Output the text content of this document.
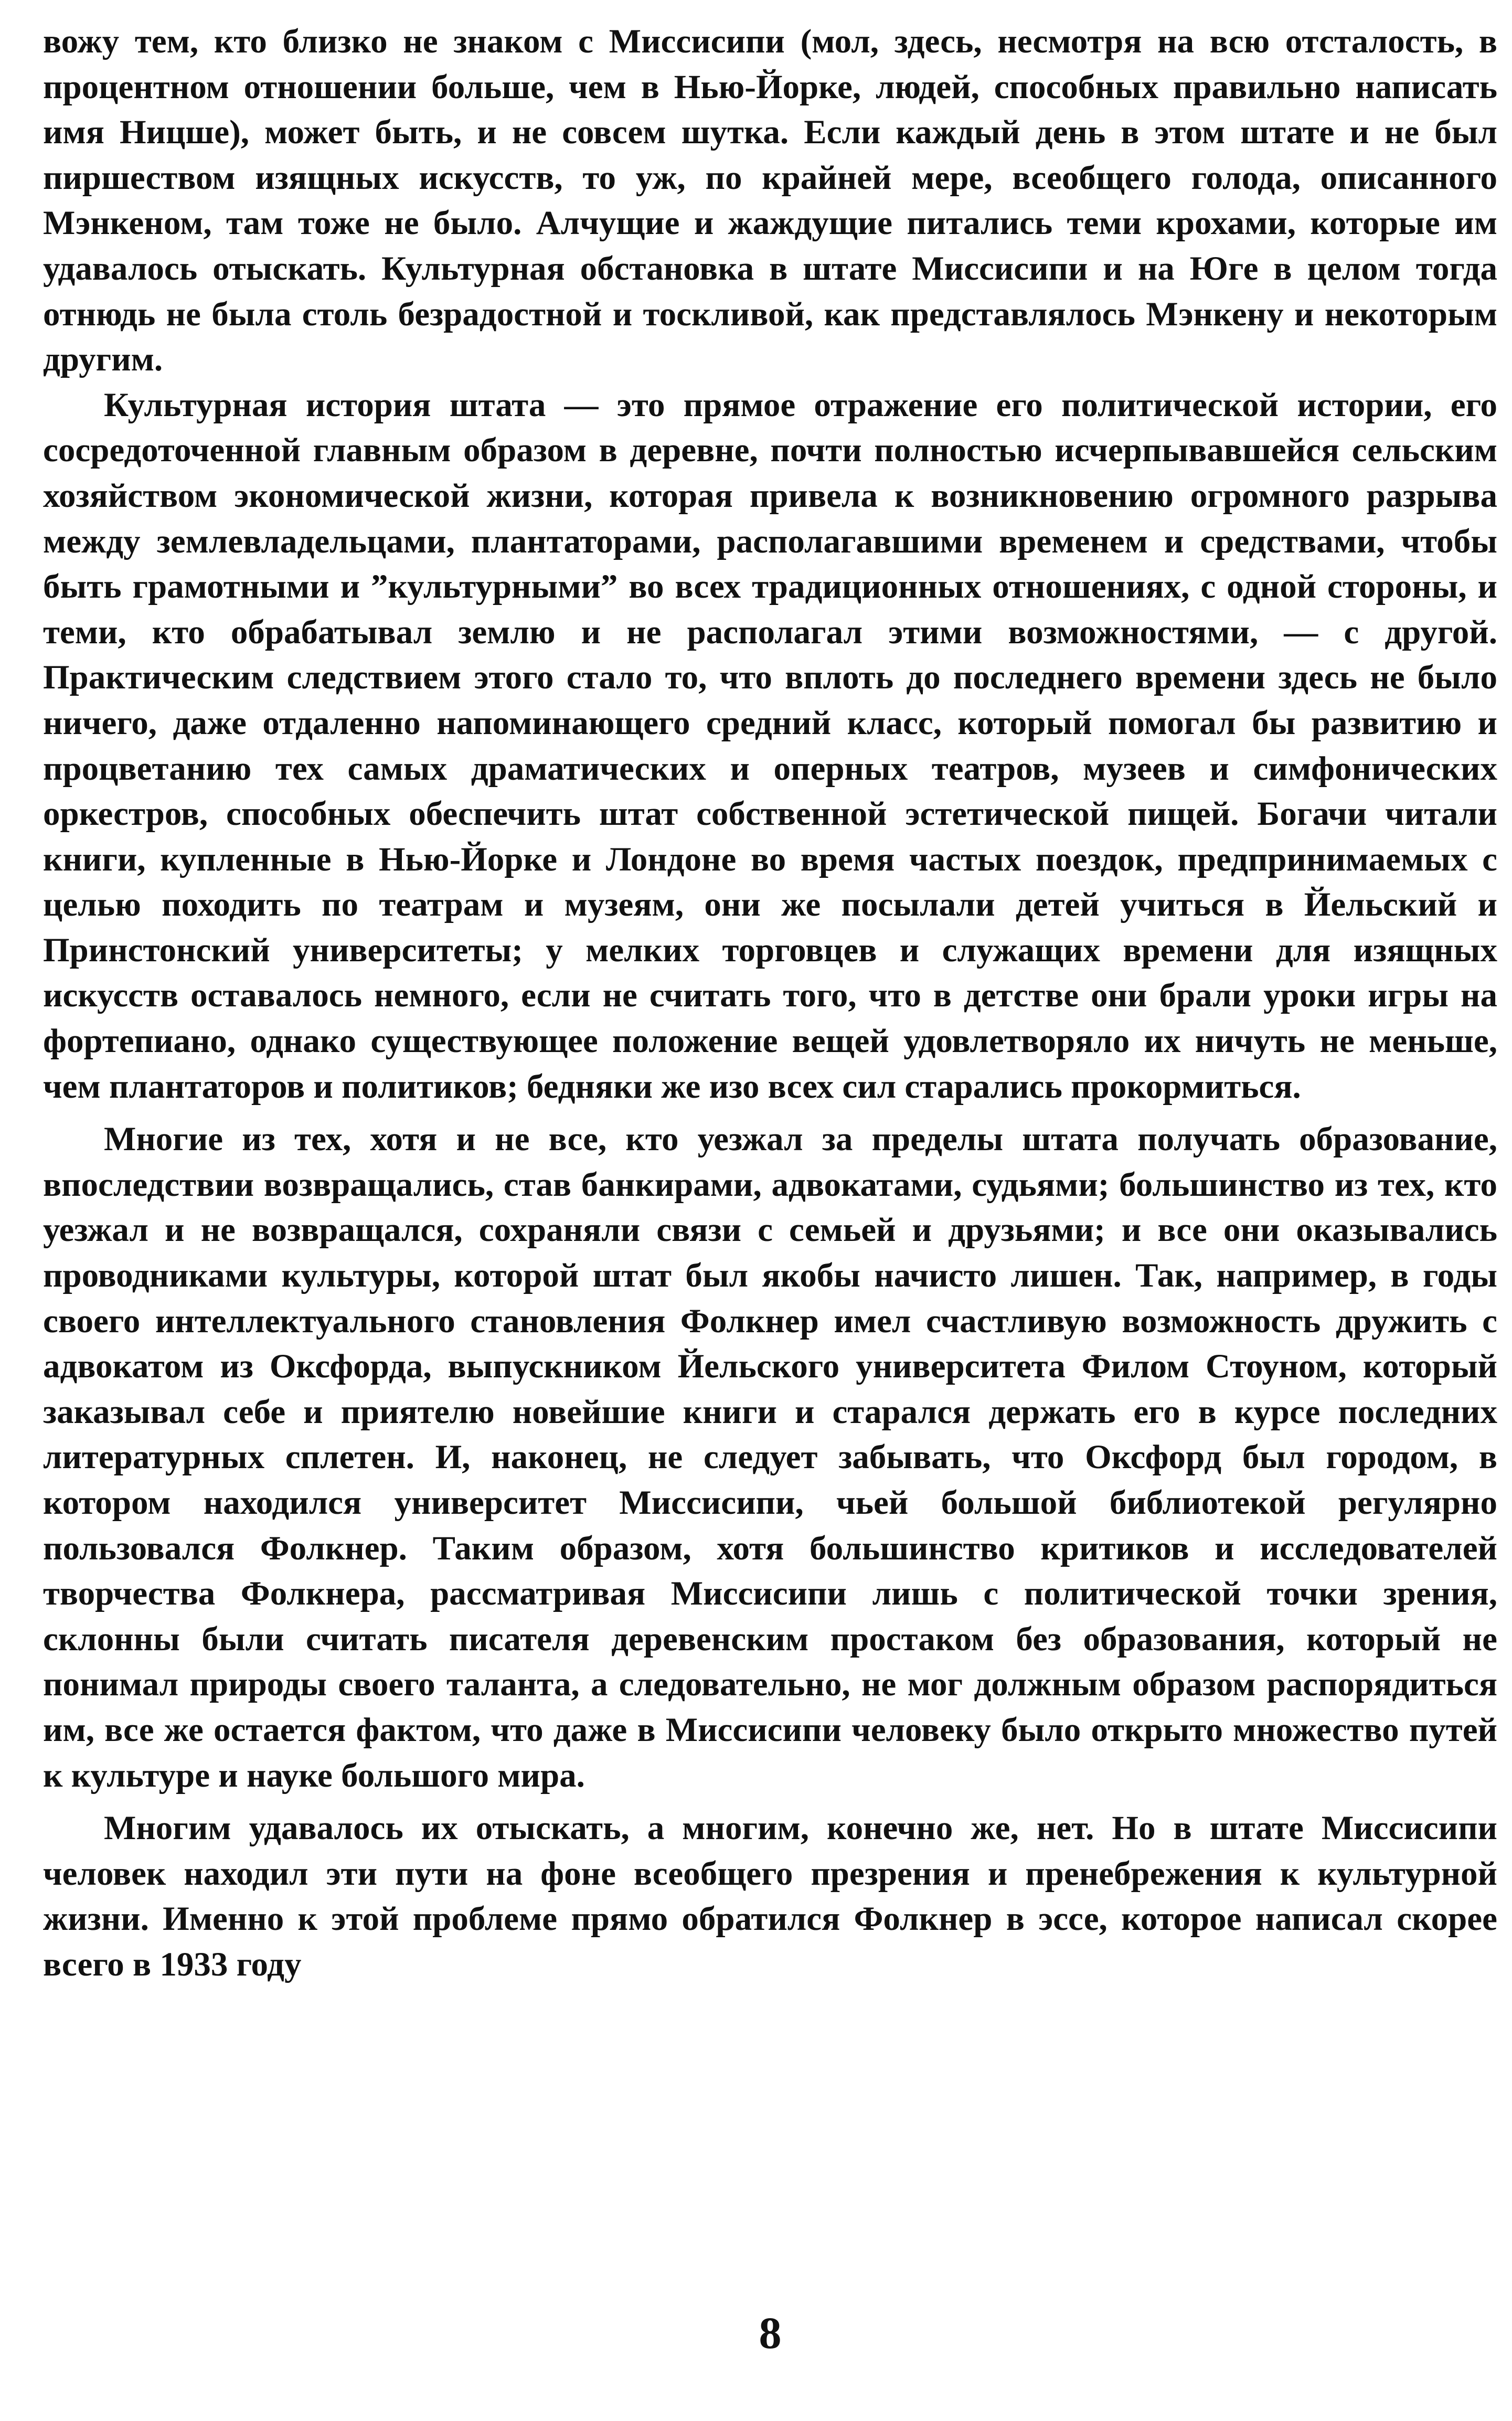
вожу тем, кто близко не знаком с Миссисипи (мол, здесь, несмотря на всю отсталость, в процентном отношении больше, чем в Нью-Йорке, людей, способных правильно написать имя Ницше), может быть, и не совсем шутка. Если каждый день в этом штате и не был пиршеством изящных искусств, то уж, по крайней мере, всеобщего голода, описанного Мэнкеном, там тоже не было. Алчущие и жаждущие питались теми крохами, которые им удавалось отыскать. Культурная обстановка в штате Миссисипи и на Юге в целом тогда отнюдь не была столь безрадостной и тоскливой, как представлялось Мэнкену и некоторым другим.

Культурная история штата — это прямое отражение его политической истории, его сосредоточенной главным образом в деревне, почти полностью исчерпывавшейся сельским хозяйством экономической жизни, которая привела к возникновению огромного разрыва между землевладельцами, плантаторами, располагавшими временем и средствами, чтобы быть грамотными и ”культурными” во всех традиционных отношениях, с одной стороны, и теми, кто обрабатывал землю и не располагал этими возможностями, — с другой. Практическим следствием этого стало то, что вплоть до последнего времени здесь не было ничего, даже отдаленно напоминающего средний класс, который помогал бы развитию и процветанию тех самых драматических и оперных театров, музеев и симфонических оркестров, способных обеспечить штат собственной эстетической пищей. Богачи читали книги, купленные в Нью-Йорке и Лондоне во время частых поездок, предпринимаемых с целью походить по театрам и музеям, они же посылали детей учиться в Йельский и Принстонский университеты; у мелких торговцев и служащих времени для изящных искусств оставалось немного, если не считать того, что в детстве они брали уроки игры на фортепиано, однако существующее положение вещей удовлетворяло их ничуть не меньше, чем плантаторов и политиков; бедняки же изо всех сил старались прокормиться.

Многие из тех, хотя и не все, кто уезжал за пределы штата получать образование, впоследствии возвращались, став банкирами, адвокатами, судьями; большинство из тех, кто уезжал и не возвращался, сохраняли связи с семьей и друзьями; и все они оказывались проводниками культуры, которой штат был якобы начисто лишен. Так, например, в годы своего интеллектуального становления Фолкнер имел счастливую возможность дружить с адвокатом из Оксфорда, выпускником Йельского университета Филом Стоуном, который заказывал себе и приятелю новейшие книги и старался держать его в курсе последних литературных сплетен. И, наконец, не следует забывать, что Оксфорд был городом, в котором находился университет Миссисипи, чьей большой библиотекой регулярно пользовался Фолкнер. Таким образом, хотя большинство критиков и исследователей творчества Фолкнера, рассматривая Миссисипи лишь с политической точки зрения, склонны были считать писателя деревенским простаком без образования, который не понимал природы своего таланта, а следовательно, не мог должным образом распорядиться им, все же остается фактом, что даже в Миссисипи человеку было открыто множество путей к культуре и науке большого мира.

Многим удавалось их отыскать, а многим, конечно же, нет. Но в штате Миссисипи человек находил эти пути на фоне всеобщего презрения и пренебрежения к культурной жизни. Именно к этой проблеме прямо обратился Фолкнер в эссе, которое написал скорее всего в 1933 году

8
